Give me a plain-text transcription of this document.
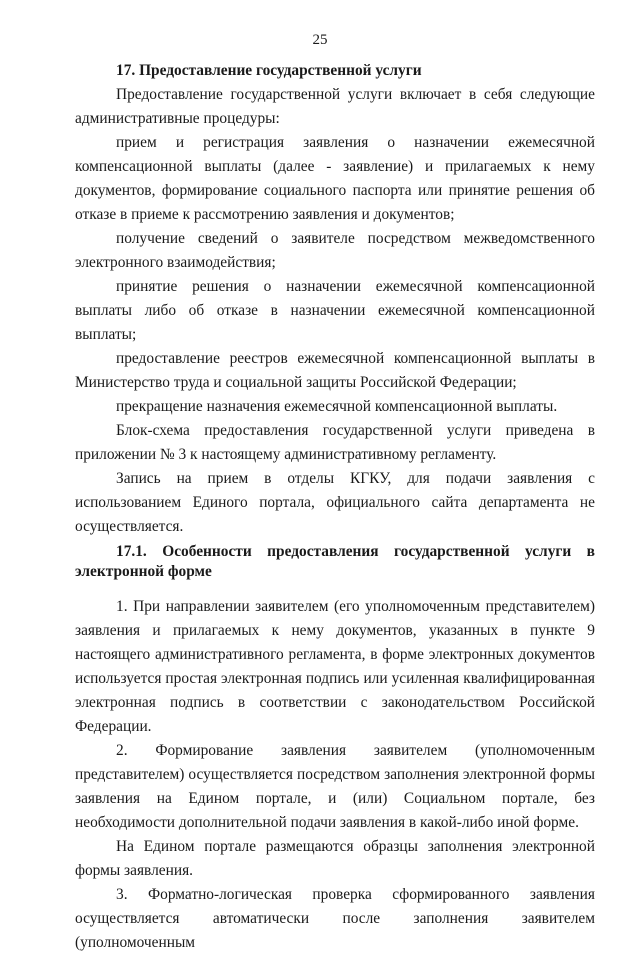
25

17. Предоставление государственной услуги

Предоставление государственной услуги включает в себя следующие административные процедуры:

прием и регистрация заявления о назначении ежемесячной компенсационной выплаты (далее - заявление) и прилагаемых к нему документов, формирование социального паспорта или принятие решения об отказе в приеме к рассмотрению заявления и документов;

получение сведений о заявителе посредством межведомственного электронного взаимодействия;

принятие решения о назначении ежемесячной компенсационной выплаты либо об отказе в назначении ежемесячной компенсационной выплаты;

предоставление реестров ежемесячной компенсационной выплаты в Министерство труда и социальной защиты Российской Федерации;

прекращение назначения ежемесячной компенсационной выплаты.

Блок-схема предоставления государственной услуги приведена в приложении № 3 к настоящему административному регламенту.

Запись на прием в отделы КГКУ, для подачи заявления с использованием Единого портала, официального сайта департамента не осуществляется.

17.1. Особенности предоставления государственной услуги в электронной форме

1. При направлении заявителем (его уполномоченным представителем) заявления и прилагаемых к нему документов, указанных в пункте 9 настоящего административного регламента, в форме электронных документов используется простая электронная подпись или усиленная квалифицированная электронная подпись в соответствии с законодательством Российской Федерации.

2. Формирование заявления заявителем (уполномоченным представителем) осуществляется посредством заполнения электронной формы заявления на Едином портале, и (или) Социальном портале, без необходимости дополнительной подачи заявления в какой-либо иной форме.

На Едином портале размещаются образцы заполнения электронной формы заявления.

3. Форматно-логическая проверка сформированного заявления осуществляется автоматически после заполнения заявителем (уполномоченным
